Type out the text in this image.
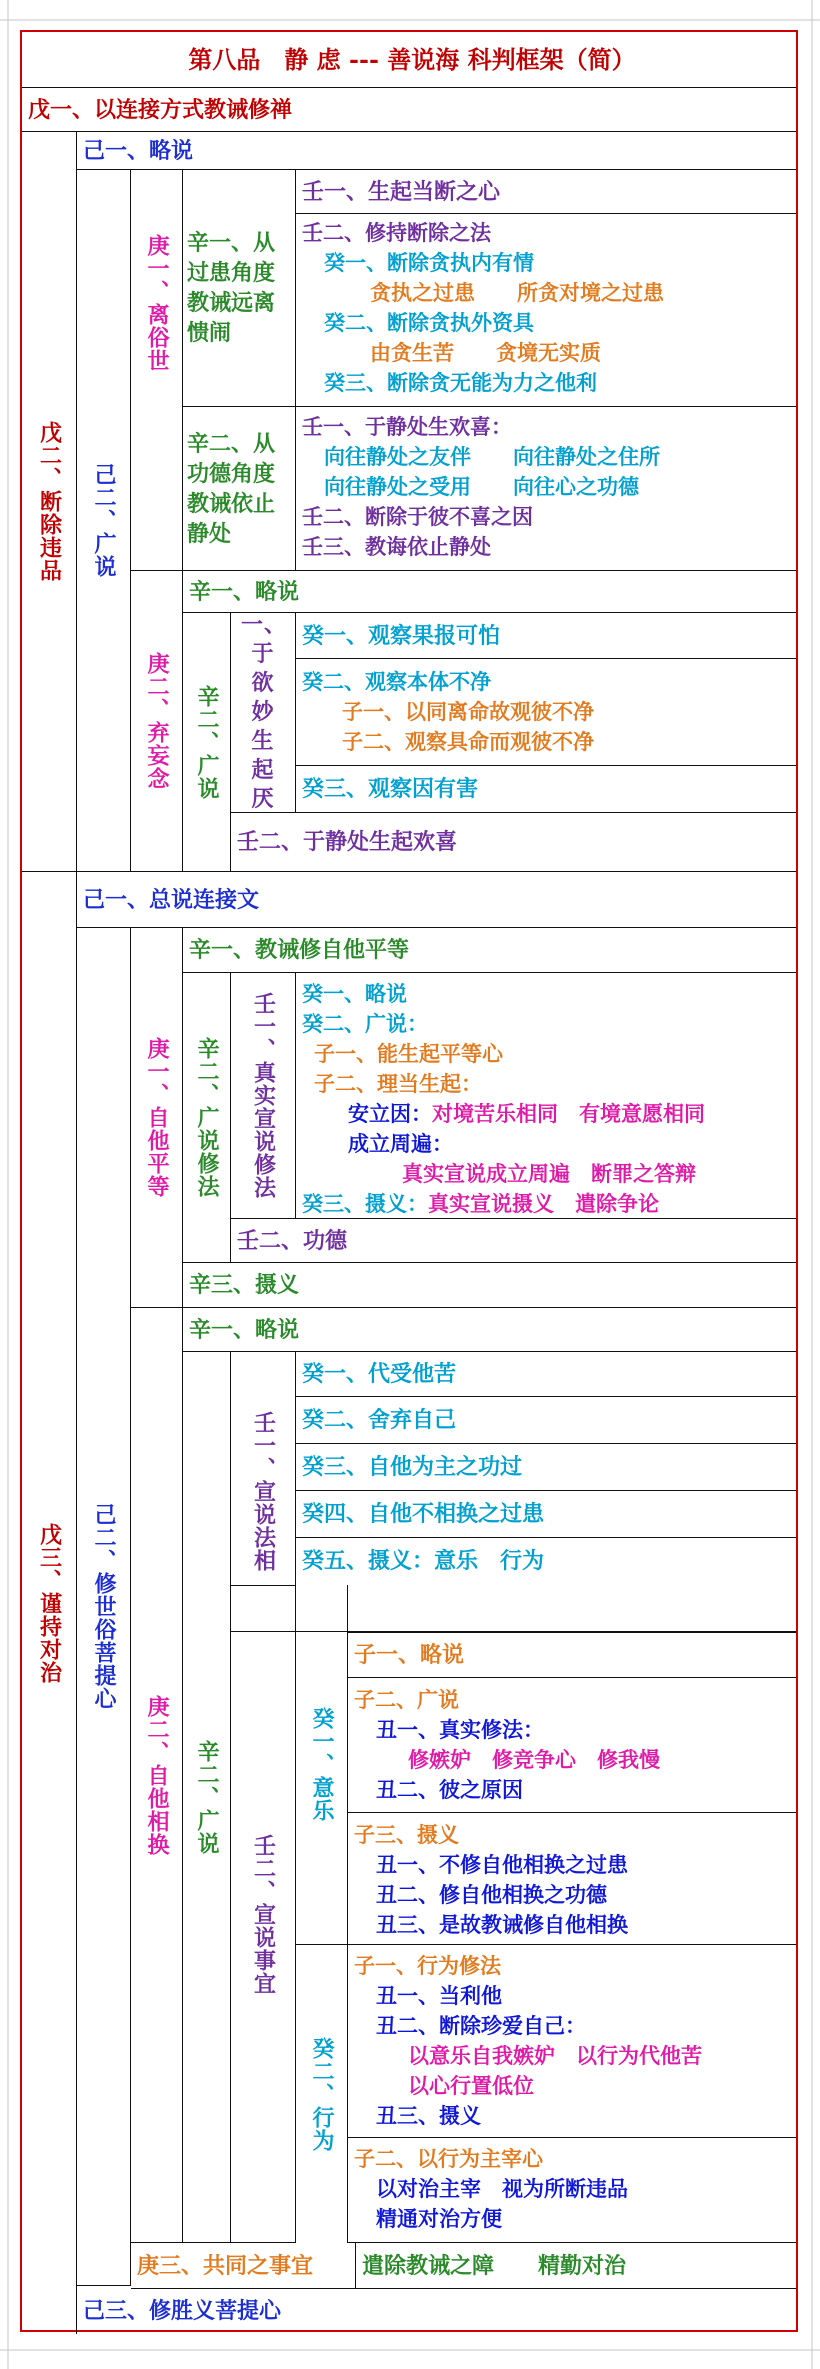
第八品　静 虑 --- 善说海 科判框架（简）
戊一、以连接方式教诫修禅
戊二、断除违品
己一、略说
己二、广说
庚一、离俗世 辛一、从过患角度教诫远离愦闹
壬一、生起当断之心
壬二、修持断除之法
癸一、断除贪执内有情
贪执之过患　　所贪对境之过患
癸二、断除贪执外资具
由贪生苦　　贪境无实质
癸三、断除贪无能为力之他利
辛二、从功德角度教诫依止静处
壬一、于静处生欢喜：
向往静处之友伴　　向往静处之住所
向往静处之受用　　向往心之功德
壬二、断除于彼不喜之因
壬三、教诲依止静处
庚二、弃妄念
辛一、略说
辛二、广说
一、于欲妙生起厌
癸一、观察果报可怕
癸二、观察本体不净
子一、以同离命故观彼不净
子二、观察具命而观彼不净
癸三、观察因有害
壬二、于静处生起欢喜
戊三、谨持对治
己一、总说连接文
己二、修世俗菩提心
庚一、自他平等
辛一、教诫修自他平等
辛二、广说修法 壬一、真实宣说修法 癸一、略说
癸二、广说：
子一、能生起平等心
子二、理当生起：
安立因：对境苦乐相同　有境意愿相同
成立周遍：
真实宣说成立周遍　断罪之答辩
癸三、摄义：真实宣说摄义　遣除争论
壬二、功德
辛三、摄义
庚二、自他相换
辛一、略说
辛二、广说
壬一、宣说法相
癸一、代受他苦
癸二、舍弃自己
癸三、自他为主之功过
癸四、自他不相换之过患
癸五、摄义：意乐　行为
壬二、宣说事宜
癸一、意乐
子一、略说
子二、广说
丑一、真实修法：
修嫉妒　修竞争心　修我慢
丑二、彼之原因
子三、摄义
丑一、不修自他相换之过患
丑二、修自他相换之功德
丑三、是故教诫修自他相换
癸二、行为
子一、行为修法
丑一、当利他
丑二、断除珍爱自己：
以意乐自我嫉妒　以行为代他苦
以心行置低位
丑三、摄义
子二、以行为主宰心
以对治主宰　视为所断违品
精通对治方便
庚三、共同之事宜 遣除教诫之障　　精勤对治
己三、修胜义菩提心
